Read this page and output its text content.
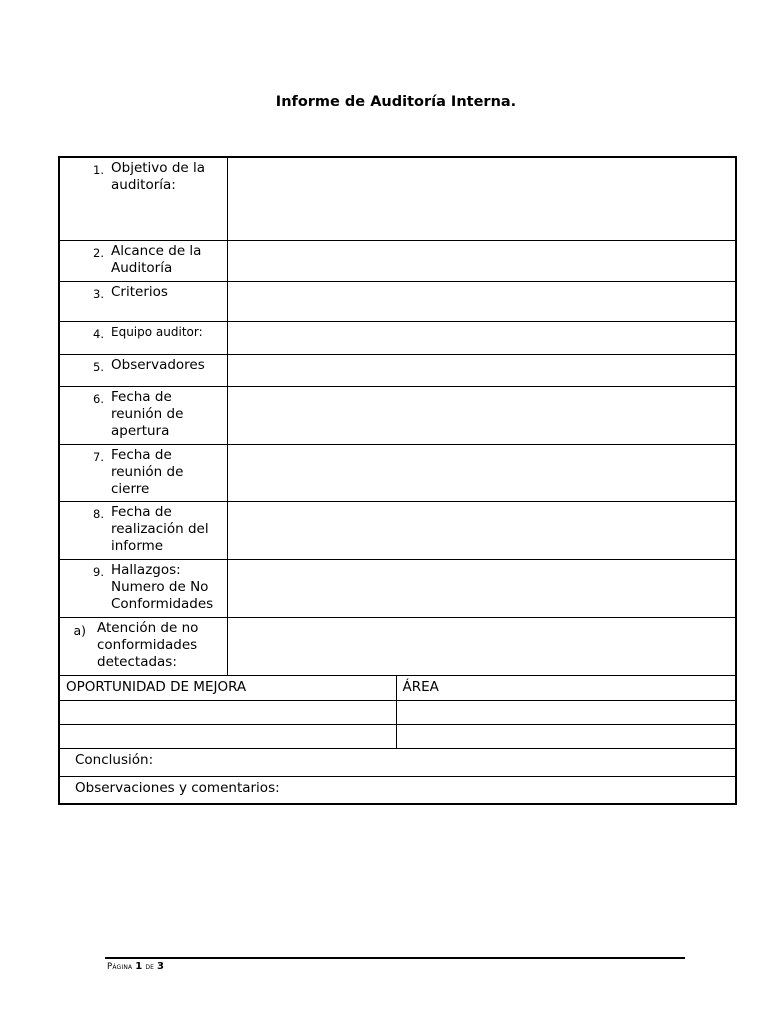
Informe de Auditoría Interna.
1. Objetivo de la auditoría:		

2. Alcance de la Auditoría		

3. Criterios		

4. Equipo auditor:		

5. Observadores		

6. Fecha de reunión de apertura		

7. Fecha de reunión de cierre		

8. Fecha de realización del informe		

9. Hallazgos: Numero de No Conformidades		

a) Atención de no conformidades detectadas:		
OPORTUNIDAD DE MEJORA		ÁREA

Conclusión:		
Observaciones y comentarios:		
Página 1 de 3
